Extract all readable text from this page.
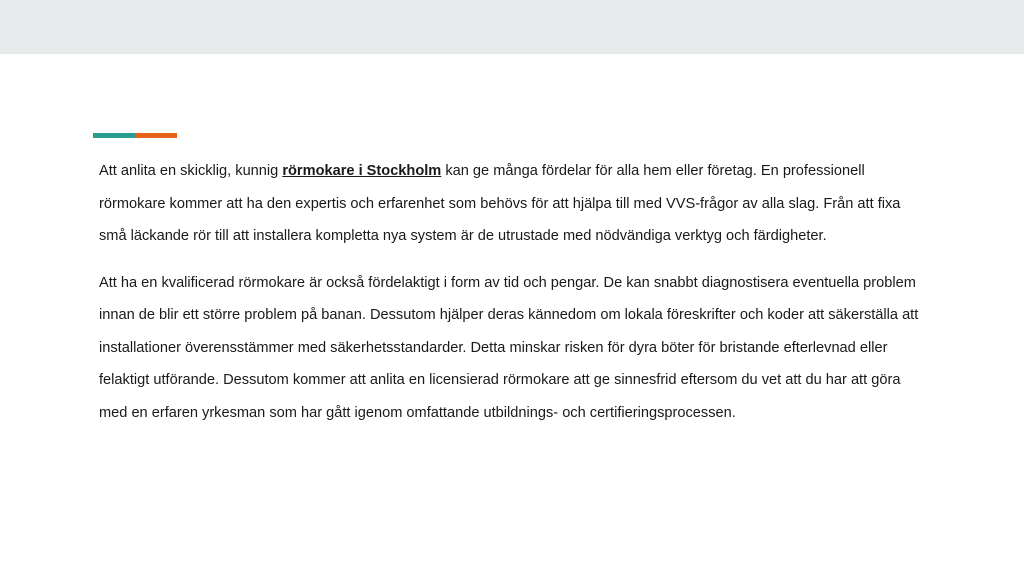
Att anlita en skicklig, kunnig rörmokare i Stockholm kan ge många fördelar för alla hem eller företag. En professionell rörmokare kommer att ha den expertis och erfarenhet som behövs för att hjälpa till med VVS-frågor av alla slag. Från att fixa små läckande rör till att installera kompletta nya system är de utrustade med nödvändiga verktyg och färdigheter.

Att ha en kvalificerad rörmokare är också fördelaktigt i form av tid och pengar. De kan snabbt diagnostisera eventuella problem innan de blir ett större problem på banan. Dessutom hjälper deras kännedom om lokala föreskrifter och koder att säkerställa att installationer överensstämmer med säkerhetsstandarder. Detta minskar risken för dyra böter för bristande efterlevnad eller felaktigt utförande. Dessutom kommer att anlita en licensierad rörmokare att ge sinnesfrid eftersom du vet att du har att göra med en erfaren yrkesman som har gått igenom omfattande utbildnings- och certifieringsprocessen.
